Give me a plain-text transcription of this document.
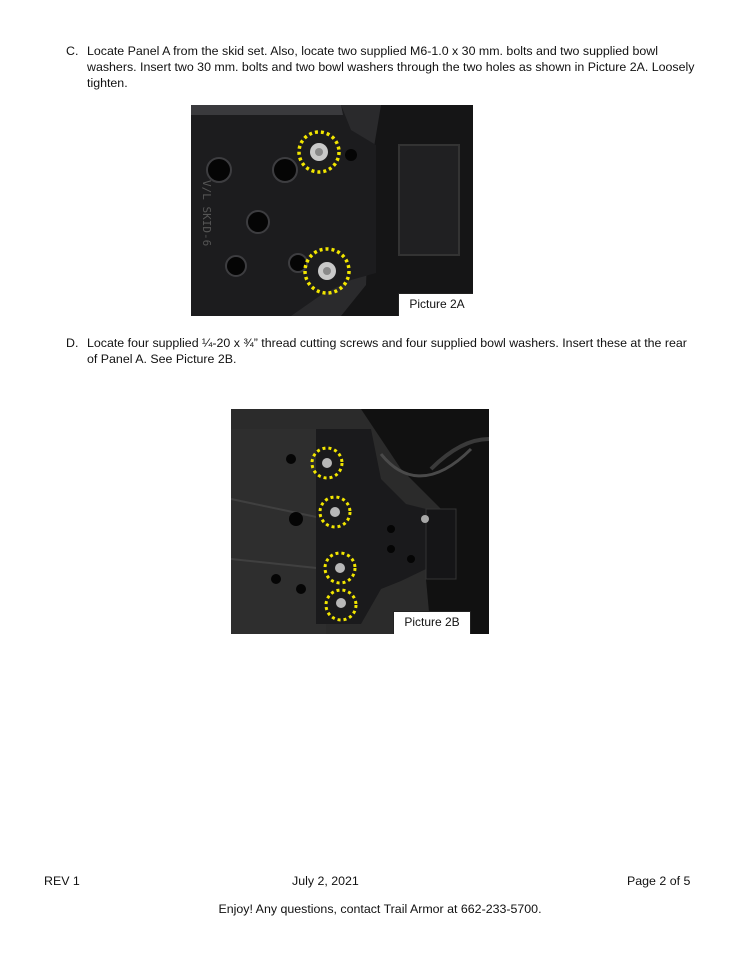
C. Locate Panel A from the skid set. Also, locate two supplied M6-1.0 x 30 mm. bolts and two supplied bowl washers. Insert two 30 mm. bolts and two bowl washers through the two holes as shown in Picture 2A. Loosely tighten.
V/L SKID-6
Picture 2A
D. Locate four supplied ¼-20 x ¾” thread cutting screws and four supplied bowl washers. Insert these at the rear of Panel A. See Picture 2B.
Picture 2B
REV 1	July 2, 2021	Page 2 of 5
Enjoy! Any questions, contact Trail Armor at 662-233-5700.
